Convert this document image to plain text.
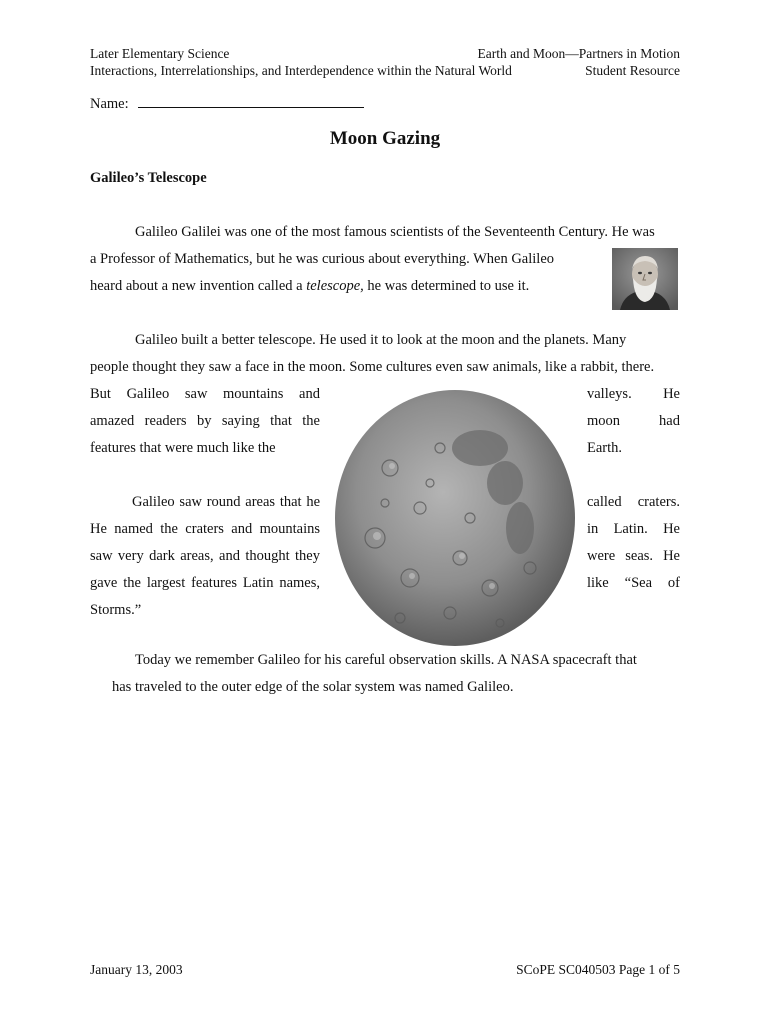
Later Elementary Science	Earth and Moon—Partners in Motion
Interactions, Interrelationships, and Interdependence within the Natural World	Student Resource
Name:
Moon Gazing
Galileo’s Telescope

Galileo Galilei was one of the most famous scientists of the Seventeenth Century. He was

a Professor of Mathematics, but he was curious about everything. When Galileo

heard about a new invention called a telescope, he was determined to use it.

Galileo built a better telescope. He used it to look at the moon and the planets. Many

people thought they saw a face in the moon. Some cultures even saw animals, like a rabbit, there.

But Galileo saw mountains and
amazed readers by saying that the
features that were much like the

Galileo saw round areas that he
He named the craters and mountains
saw very dark areas, and thought they
gave the largest features Latin names,
Storms.”
valleys. He
moon had
Earth.

called craters.
in Latin. He
were seas. He
like “Sea of

Today we remember Galileo for his careful observation skills. A NASA spacecraft that

has traveled to the outer edge of the solar system was named Galileo.

January 13, 2003	SCoPE SC040503 Page 1 of 5
